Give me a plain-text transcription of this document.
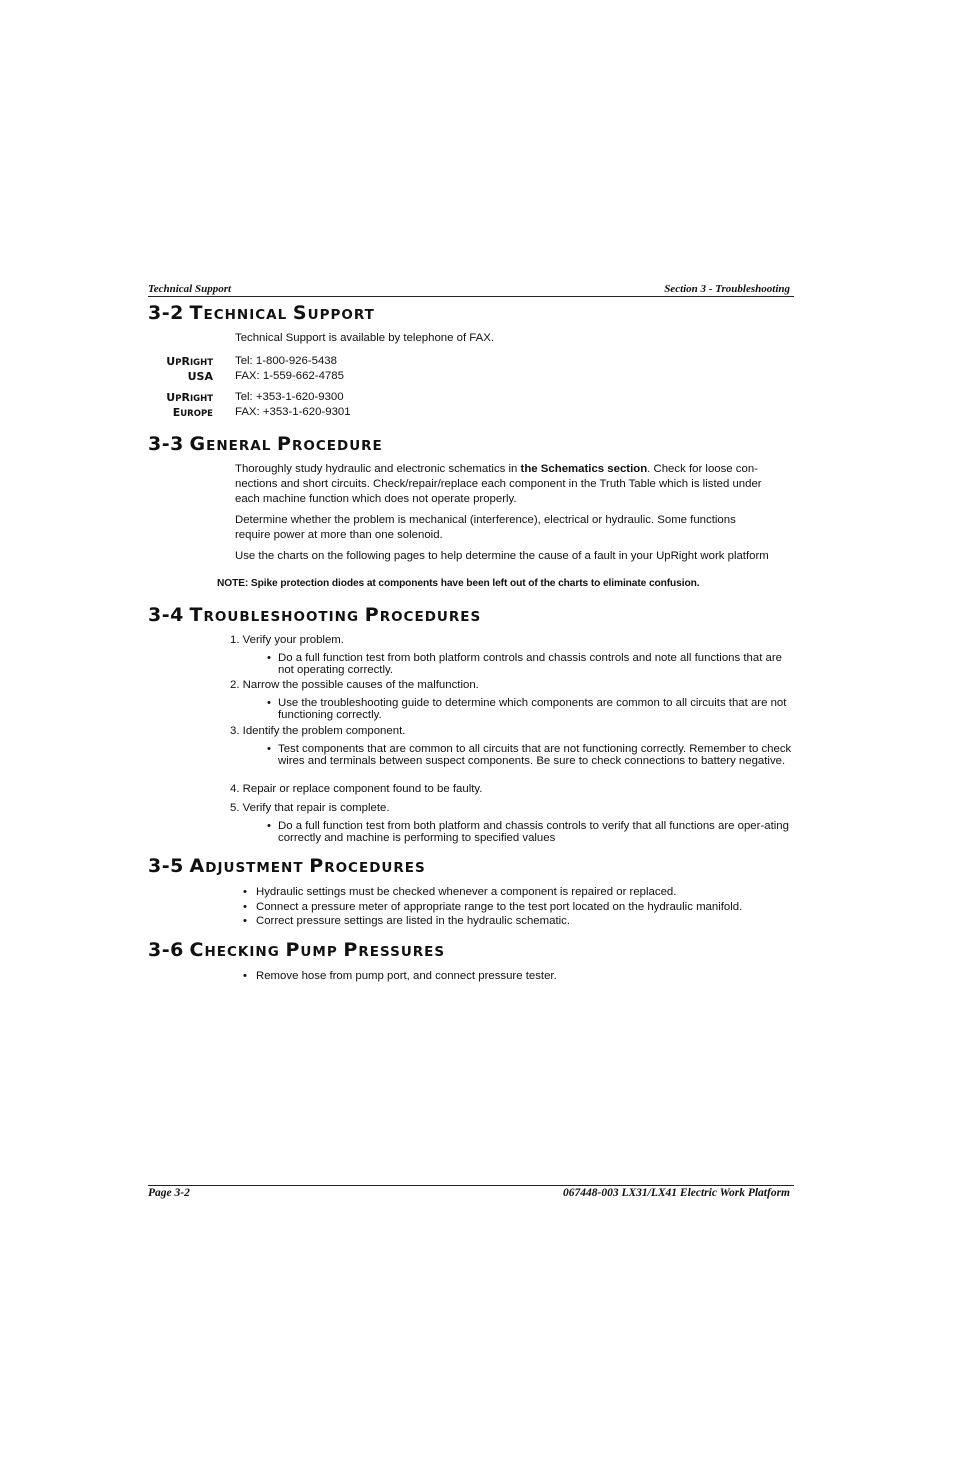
Technical Support	Section 3 - Troubleshooting
3-2 TECHNICAL SUPPORT
Technical Support is available by telephone of FAX.
UPRIGHT
USA
Tel: 1-800-926-5438
FAX: 1-559-662-4785
UPRIGHT
EUROPE
Tel: +353-1-620-9300
FAX: +353-1-620-9301
3-3 GENERAL PROCEDURE
Thoroughly study hydraulic and electronic schematics in the Schematics section. Check for loose con-
nections and short circuits. Check/repair/replace each component in the Truth Table which is listed under
each machine function which does not operate properly.
Determine whether the problem is mechanical (interference), electrical or hydraulic. Some functions
require power at more than one solenoid.
Use the charts on the following pages to help determine the cause of a fault in your UpRight work platform
NOTE: Spike protection diodes at components have been left out of the charts to eliminate confusion.
3-4 TROUBLESHOOTING PROCEDURES
1. Verify your problem.
• Do a full function test from both platform controls and chassis controls and note all functions that are not operating correctly.
2. Narrow the possible causes of the malfunction.
• Use the troubleshooting guide to determine which components are common to all circuits that are not functioning correctly.
3. Identify the problem component.
• Test components that are common to all circuits that are not functioning correctly. Remember to check wires and terminals between suspect components. Be sure to check connections to battery negative.
4. Repair or replace component found to be faulty.
5. Verify that repair is complete.
• Do a full function test from both platform and chassis controls to verify that all functions are oper-ating correctly and machine is performing to specified values
3-5 ADJUSTMENT PROCEDURES
• Hydraulic settings must be checked whenever a component is repaired or replaced.
• Connect a pressure meter of appropriate range to the test port located on the hydraulic manifold.
• Correct pressure settings are listed in the hydraulic schematic.
3-6 CHECKING PUMP PRESSURES
• Remove hose from pump port, and connect pressure tester.
Page 3-2	067448-003 LX31/LX41 Electric Work Platform
